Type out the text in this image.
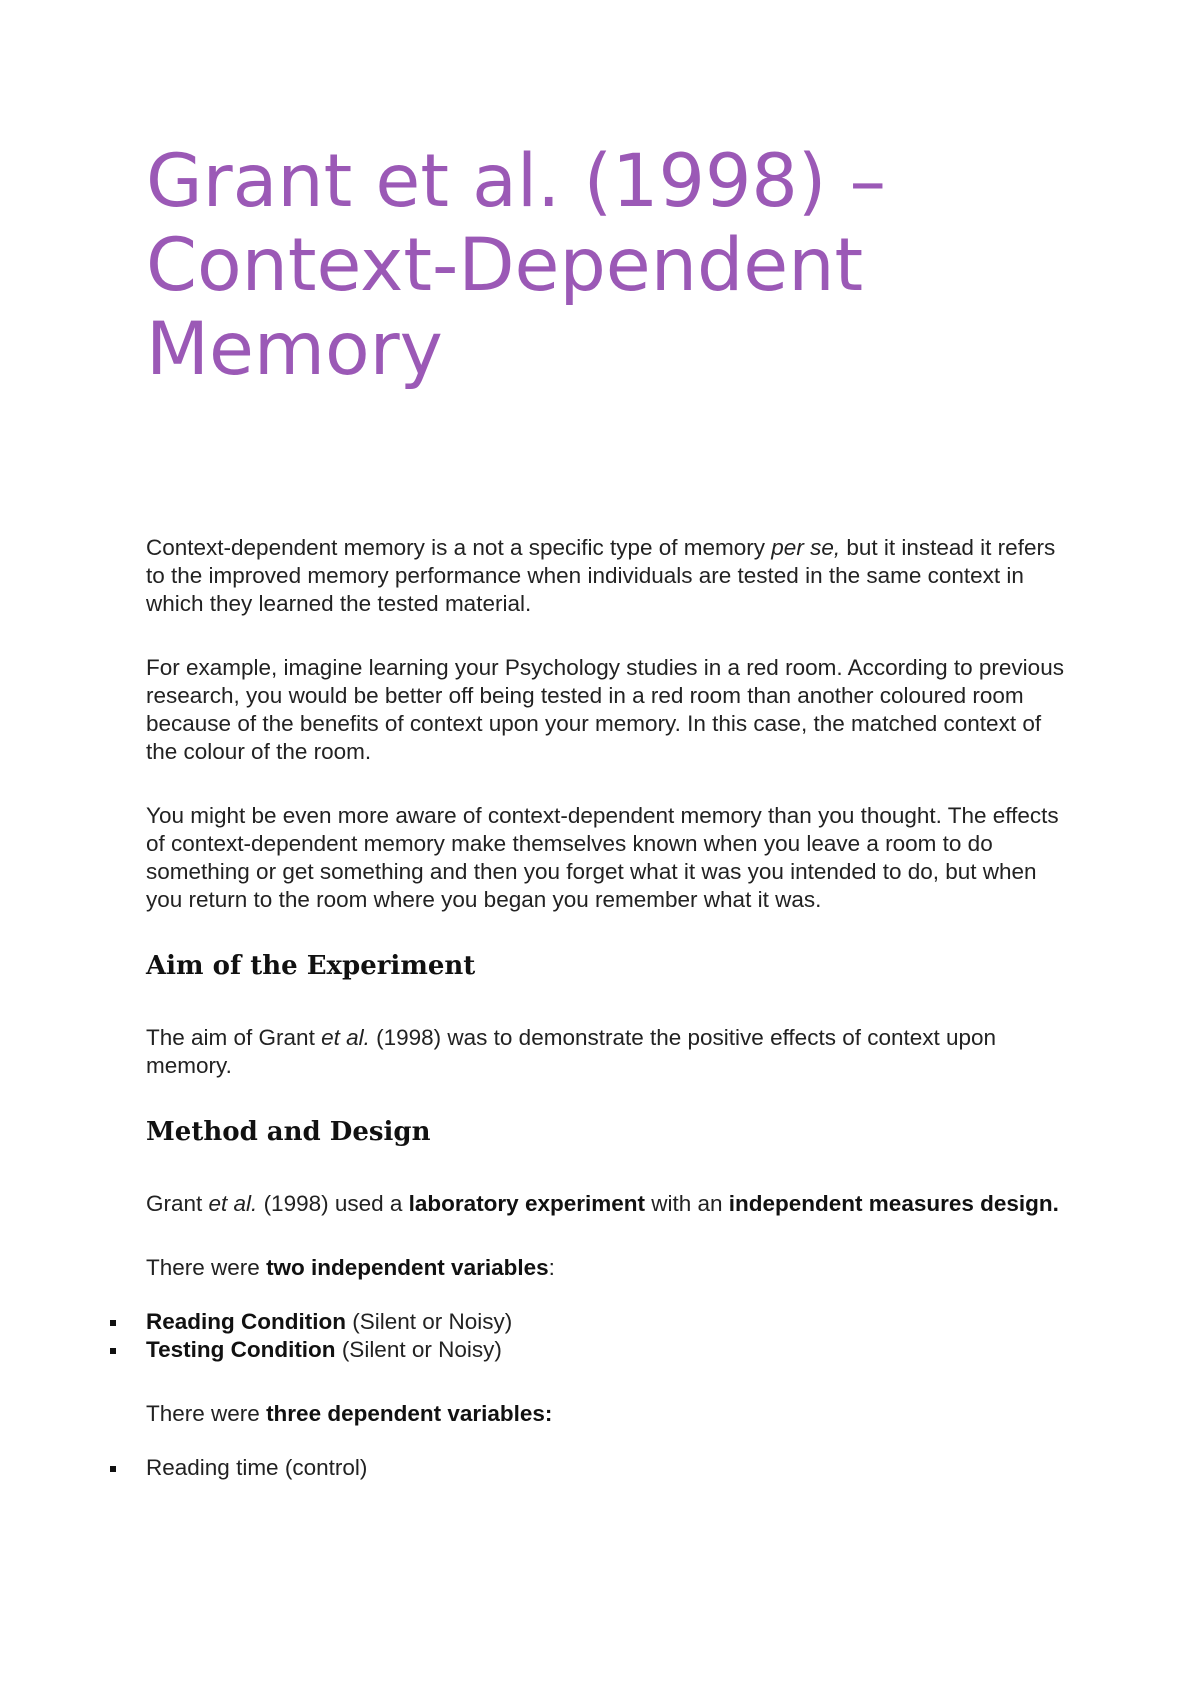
Grant et al. (1998) –
Context-Dependent
Memory

Context-dependent memory is a not a specific type of memory per se, but it instead it refers to the improved memory performance when individuals are tested in the same context in which they learned the tested material.

For example, imagine learning your Psychology studies in a red room. According to previous research, you would be better off being tested in a red room than another coloured room because of the benefits of context upon your memory. In this case, the matched context of the colour of the room.

You might be even more aware of context-dependent memory than you thought. The effects of context-dependent memory make themselves known when you leave a room to do something or get something and then you forget what it was you intended to do, but when you return to the room where you began you remember what it was.

Aim of the Experiment

The aim of Grant et al. (1998) was to demonstrate the positive effects of context upon memory.

Method and Design

Grant et al. (1998) used a laboratory experiment with an independent measures design.

There were two independent variables:

Reading Condition (Silent or Noisy)
Testing Condition (Silent or Noisy)

There were three dependent variables:

Reading time (control)
